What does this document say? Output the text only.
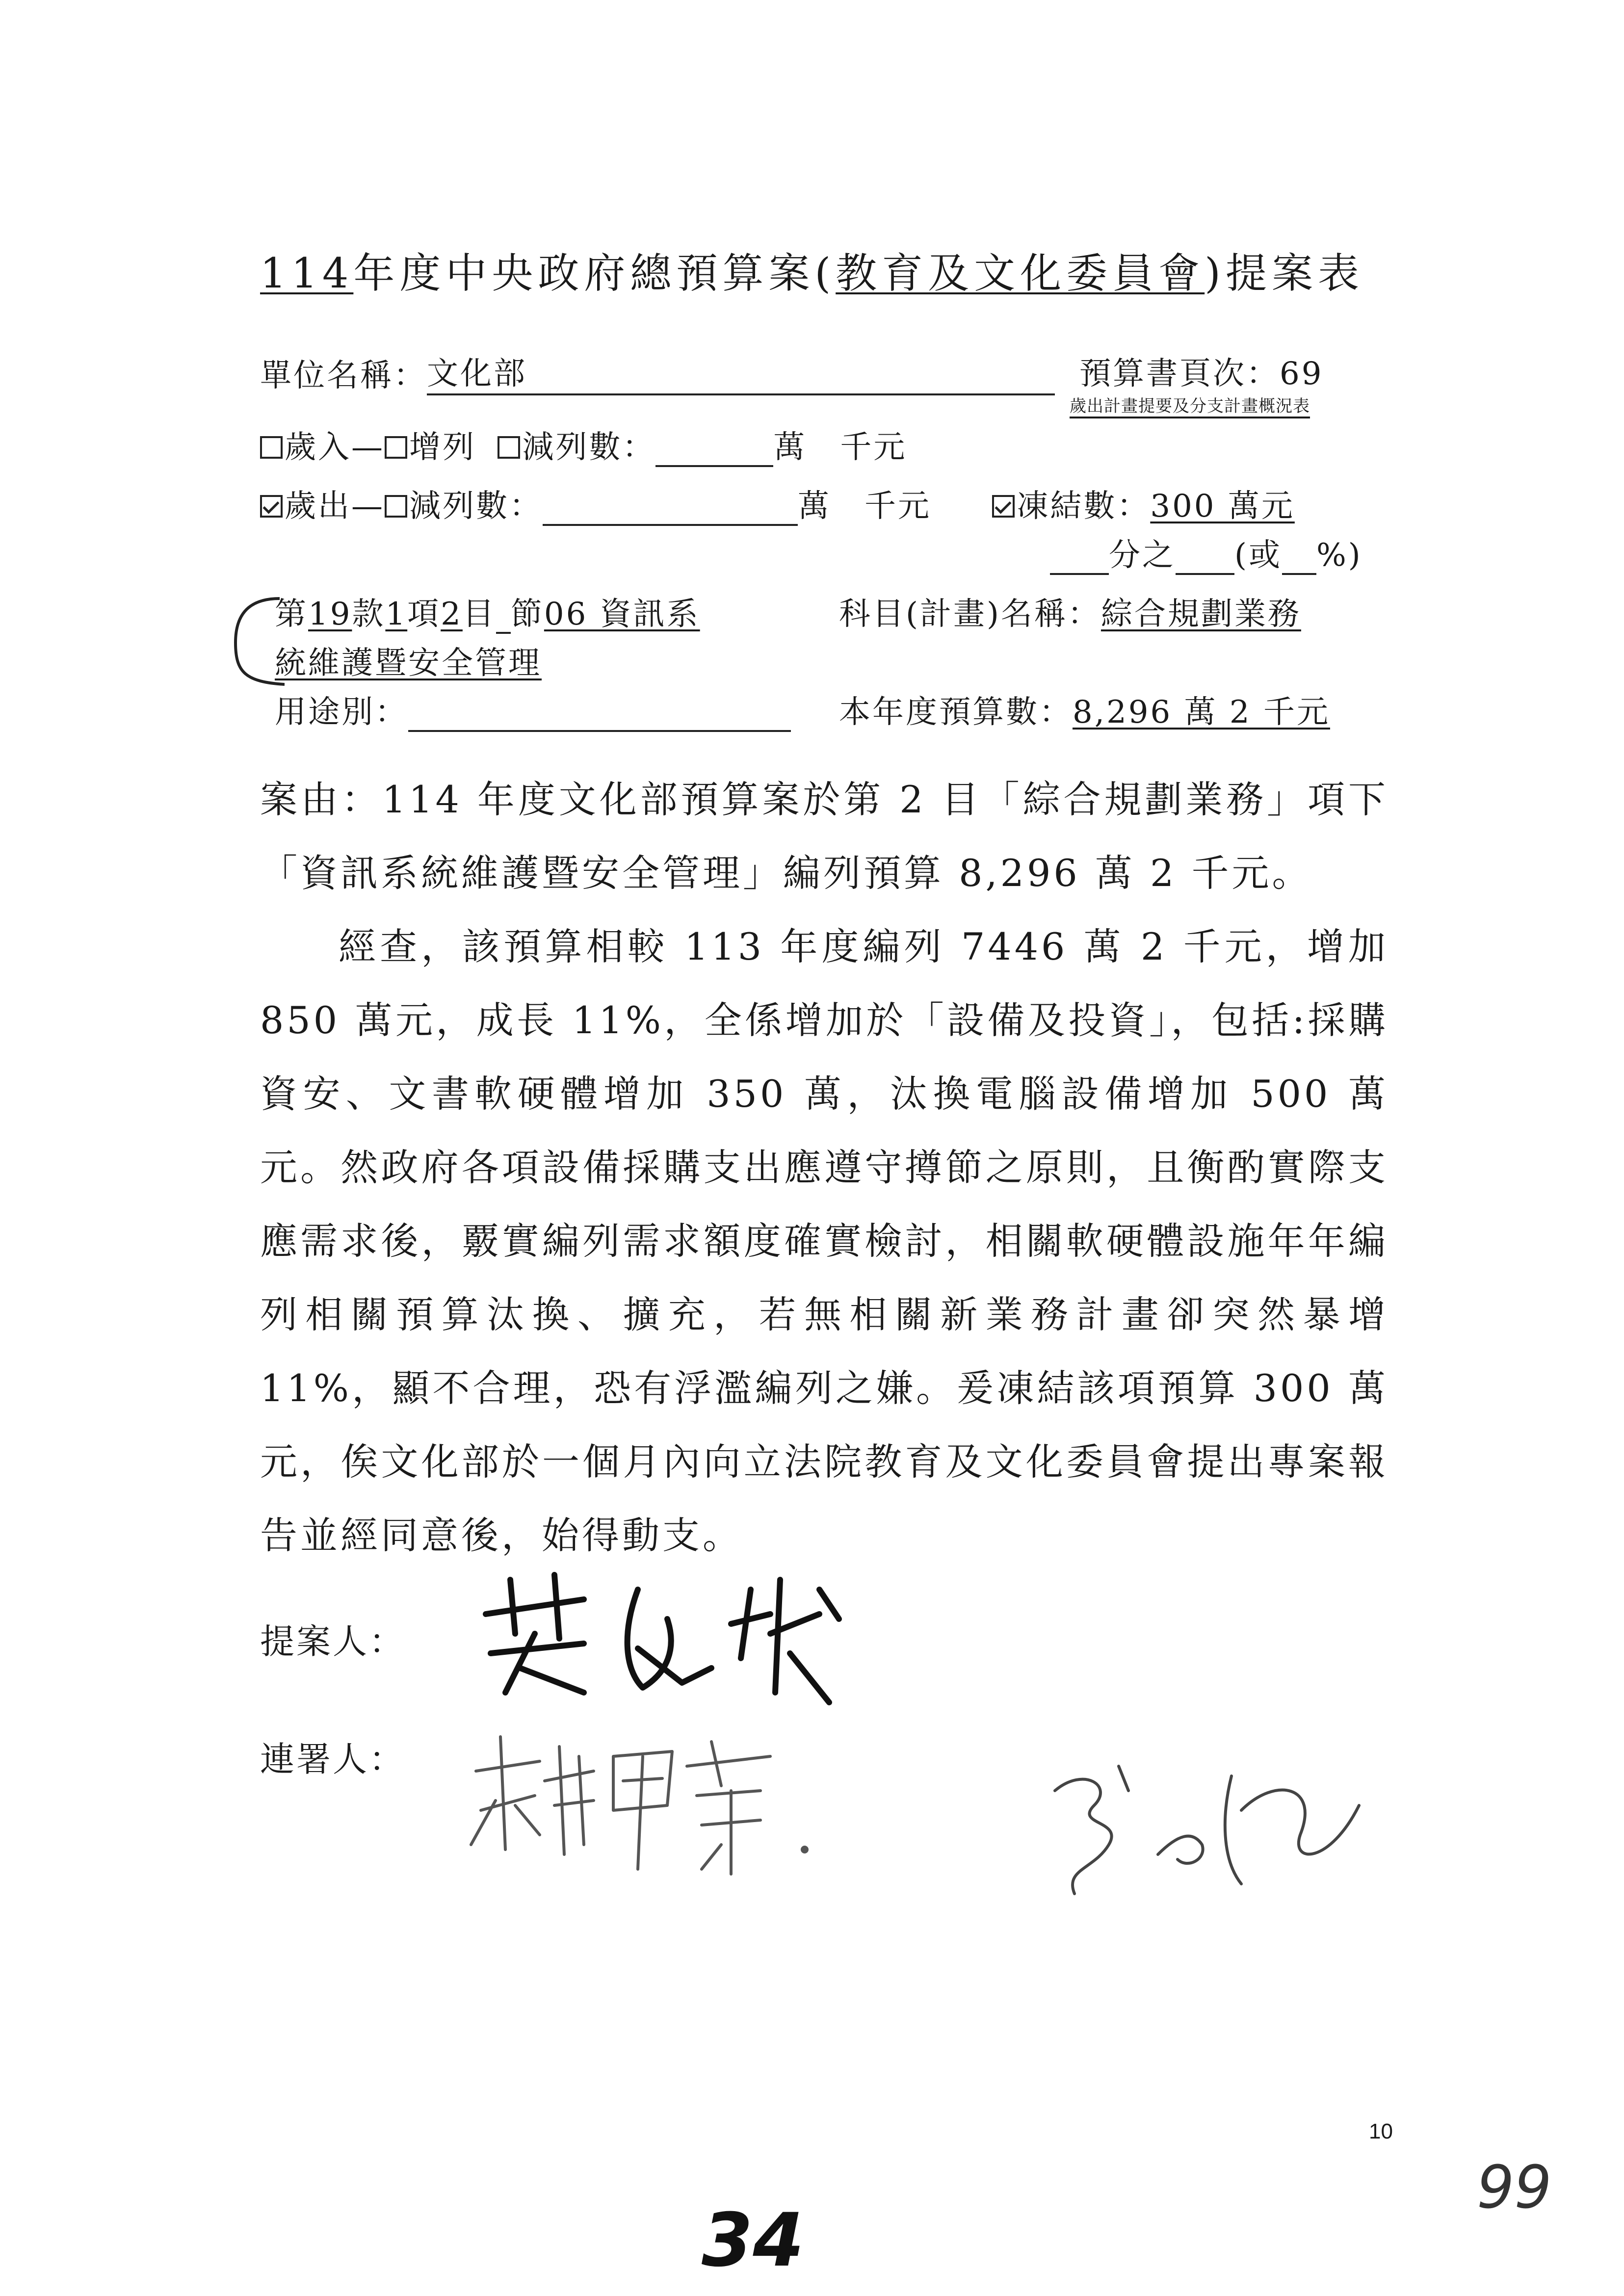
114年度中央政府總預算案(教育及文化委員會)提案表
單位名稱：文化部	預算書頁次：69
歲出計畫提要及分支計畫概況表
歲入— 增列 減列數：	萬　千元
歲出— 減列數：	萬　千元	凍結數：300 萬元
分之 (或 %)
第19款1項2目 節06 資訊系	科目(計畫)名稱：綜合規劃業務
統維護暨安全管理
用途別：	本年度預算數：8,296 萬 2 千元

案由：114 年度文化部預算案於第 2 目「綜合規劃業務」項下「資訊系統維護暨安全管理」編列預算 8,296 萬 2 千元。

經查，該預算相較 113 年度編列 7446 萬 2 千元，增加 850 萬元，成長 11%，全係增加於「設備及投資」，包括:採購資安、文書軟硬體增加 350 萬，汰換電腦設備增加 500 萬元。然政府各項設備採購支出應遵守撙節之原則，且衡酌實際支應需求後，覈實編列需求額度確實檢討，相關軟硬體設施年年編列相關預算汰換、擴充，若無相關新業務計畫卻突然暴增 11%，顯不合理，恐有浮濫編列之嫌。爰凍結該項預算 300 萬元，俟文化部於一個月內向立法院教育及文化委員會提出專案報告並經同意後，始得動支。

提案人：
連署人：
10
34
99
